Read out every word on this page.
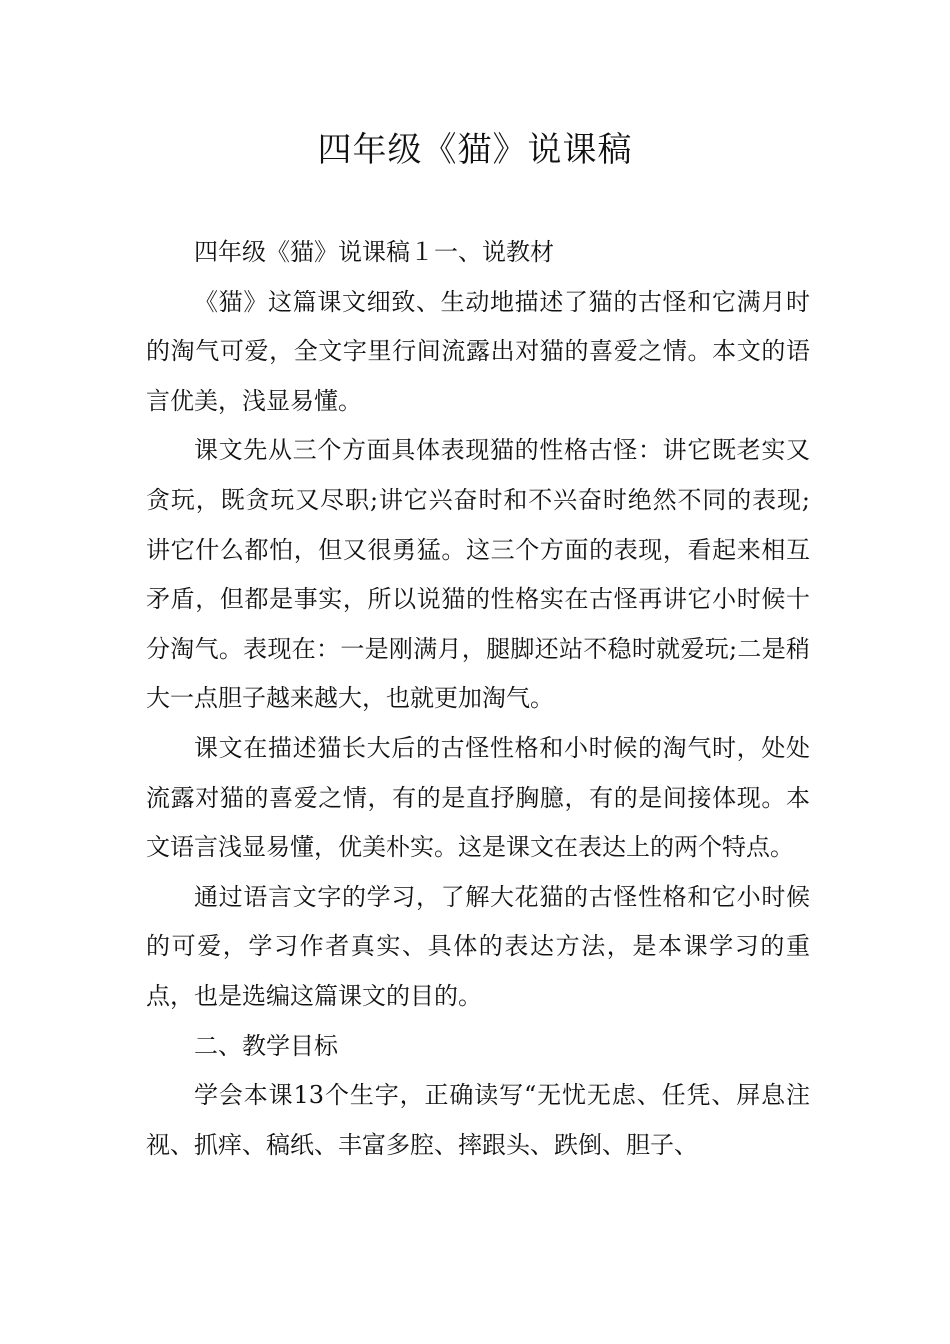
四年级《猫》说课稿

四年级《猫》说课稿１一、说教材

《猫》这篇课文细致、生动地描述了猫的古怪和它满月时的淘气可爱，全文字里行间流露出对猫的喜爱之情。本文的语言优美，浅显易懂。

课文先从三个方面具体表现猫的性格古怪：讲它既老实又贪玩，既贪玩又尽职;讲它兴奋时和不兴奋时绝然不同的表现;讲它什么都怕，但又很勇猛。这三个方面的表现，看起来相互矛盾，但都是事实，所以说猫的性格实在古怪再讲它小时候十分淘气。表现在：一是刚满月，腿脚还站不稳时就爱玩;二是稍大一点胆子越来越大，也就更加淘气。

课文在描述猫长大后的古怪性格和小时候的淘气时，处处流露对猫的喜爱之情，有的是直抒胸臆，有的是间接体现。本文语言浅显易懂，优美朴实。这是课文在表达上的两个特点。

通过语言文字的学习，了解大花猫的古怪性格和它小时候的可爱，学习作者真实、具体的表达方法，是本课学习的重点，也是选编这篇课文的目的。

二、教学目标

学会本课13个生字，正确读写“无忧无虑、任凭、屏息注视、抓痒、稿纸、丰富多腔、摔跟头、跌倒、胆子、
